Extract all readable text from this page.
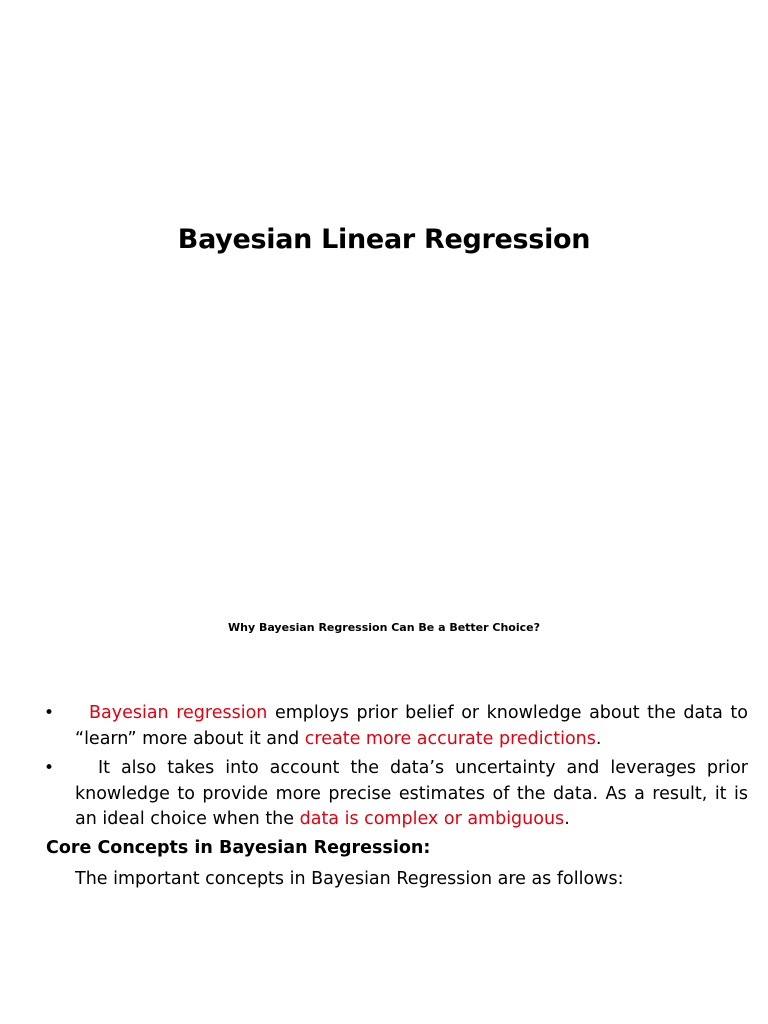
Bayesian Linear Regression

Why Bayesian Regression Can Be a Better Choice?

• Bayesian regression employs prior belief or knowledge about the data to “learn” more about it and create more accurate predictions.
•	It also takes into account the data’s uncertainty and leverages prior knowledge to provide more precise estimates of the data. As a result, it is an ideal choice when the data is complex or ambiguous.

Core Concepts in Bayesian Regression:

The important concepts in Bayesian Regression are as follows:
